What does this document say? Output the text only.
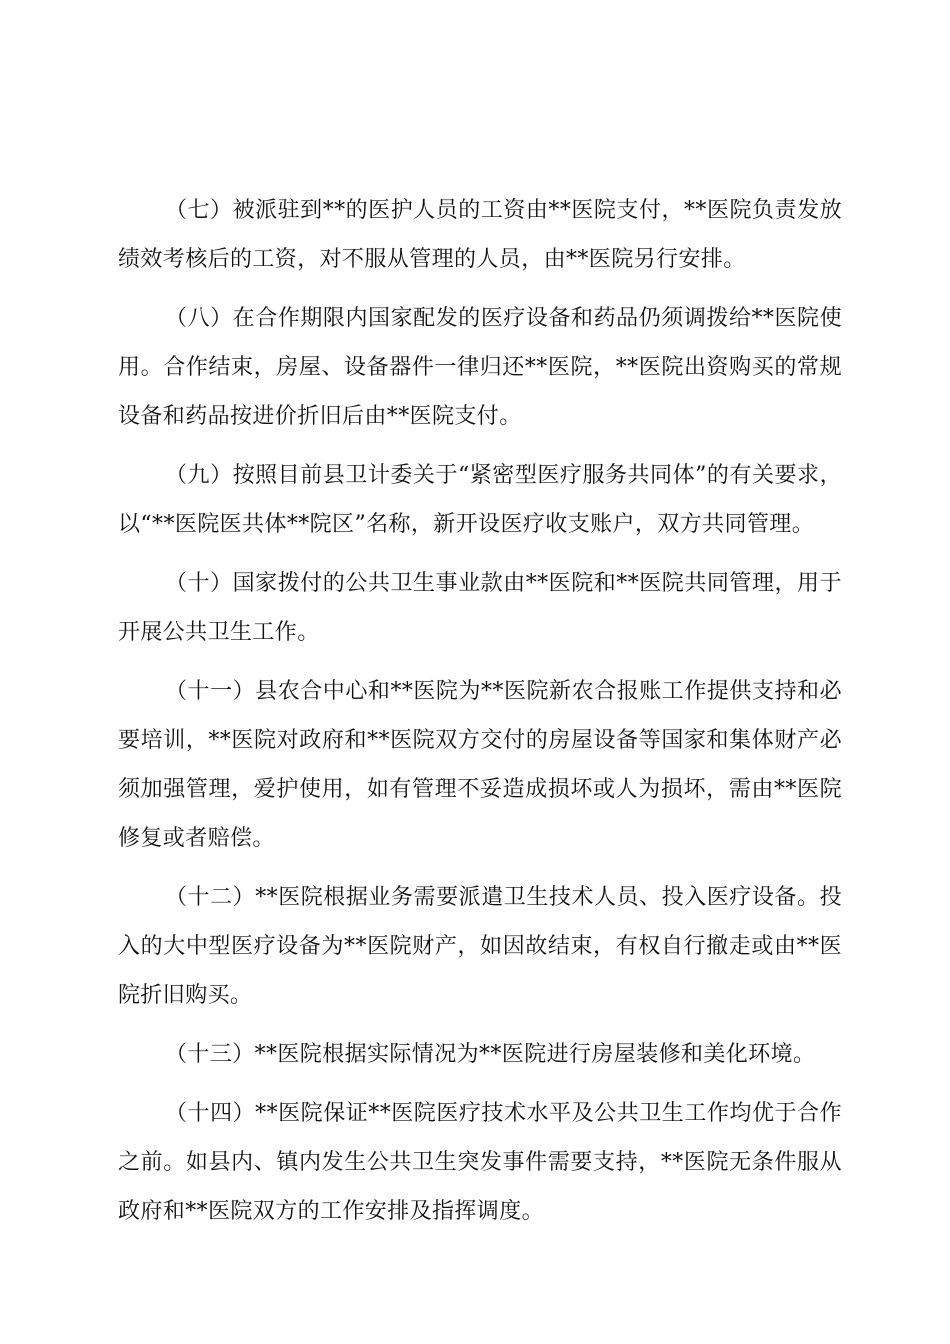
（七）被派驻到**的医护人员的工资由**医院支付，**医院负责发放绩效考核后的工资，对不服从管理的人员，由**医院另行安排。

（八）在合作期限内国家配发的医疗设备和药品仍须调拨给**医院使用。合作结束，房屋、设备器件一律归还**医院，**医院出资购买的常规设备和药品按进价折旧后由**医院支付。

（九）按照目前县卫计委关于“紧密型医疗服务共同体”的有关要求，以“**医院医共体**院区”名称，新开设医疗收支账户，双方共同管理。

（十）国家拨付的公共卫生事业款由**医院和**医院共同管理，用于开展公共卫生工作。

（十一）县农合中心和**医院为**医院新农合报账工作提供支持和必要培训，**医院对政府和**医院双方交付的房屋设备等国家和集体财产必须加强管理，爱护使用，如有管理不妥造成损坏或人为损坏，需由**医院修复或者赔偿。

（十二）**医院根据业务需要派遣卫生技术人员、投入医疗设备。投入的大中型医疗设备为**医院财产，如因故结束，有权自行撤走或由**医院折旧购买。

（十三）**医院根据实际情况为**医院进行房屋装修和美化环境。

（十四）**医院保证**医院医疗技术水平及公共卫生工作均优于合作之前。如县内、镇内发生公共卫生突发事件需要支持，**医院无条件服从政府和**医院双方的工作安排及指挥调度。
